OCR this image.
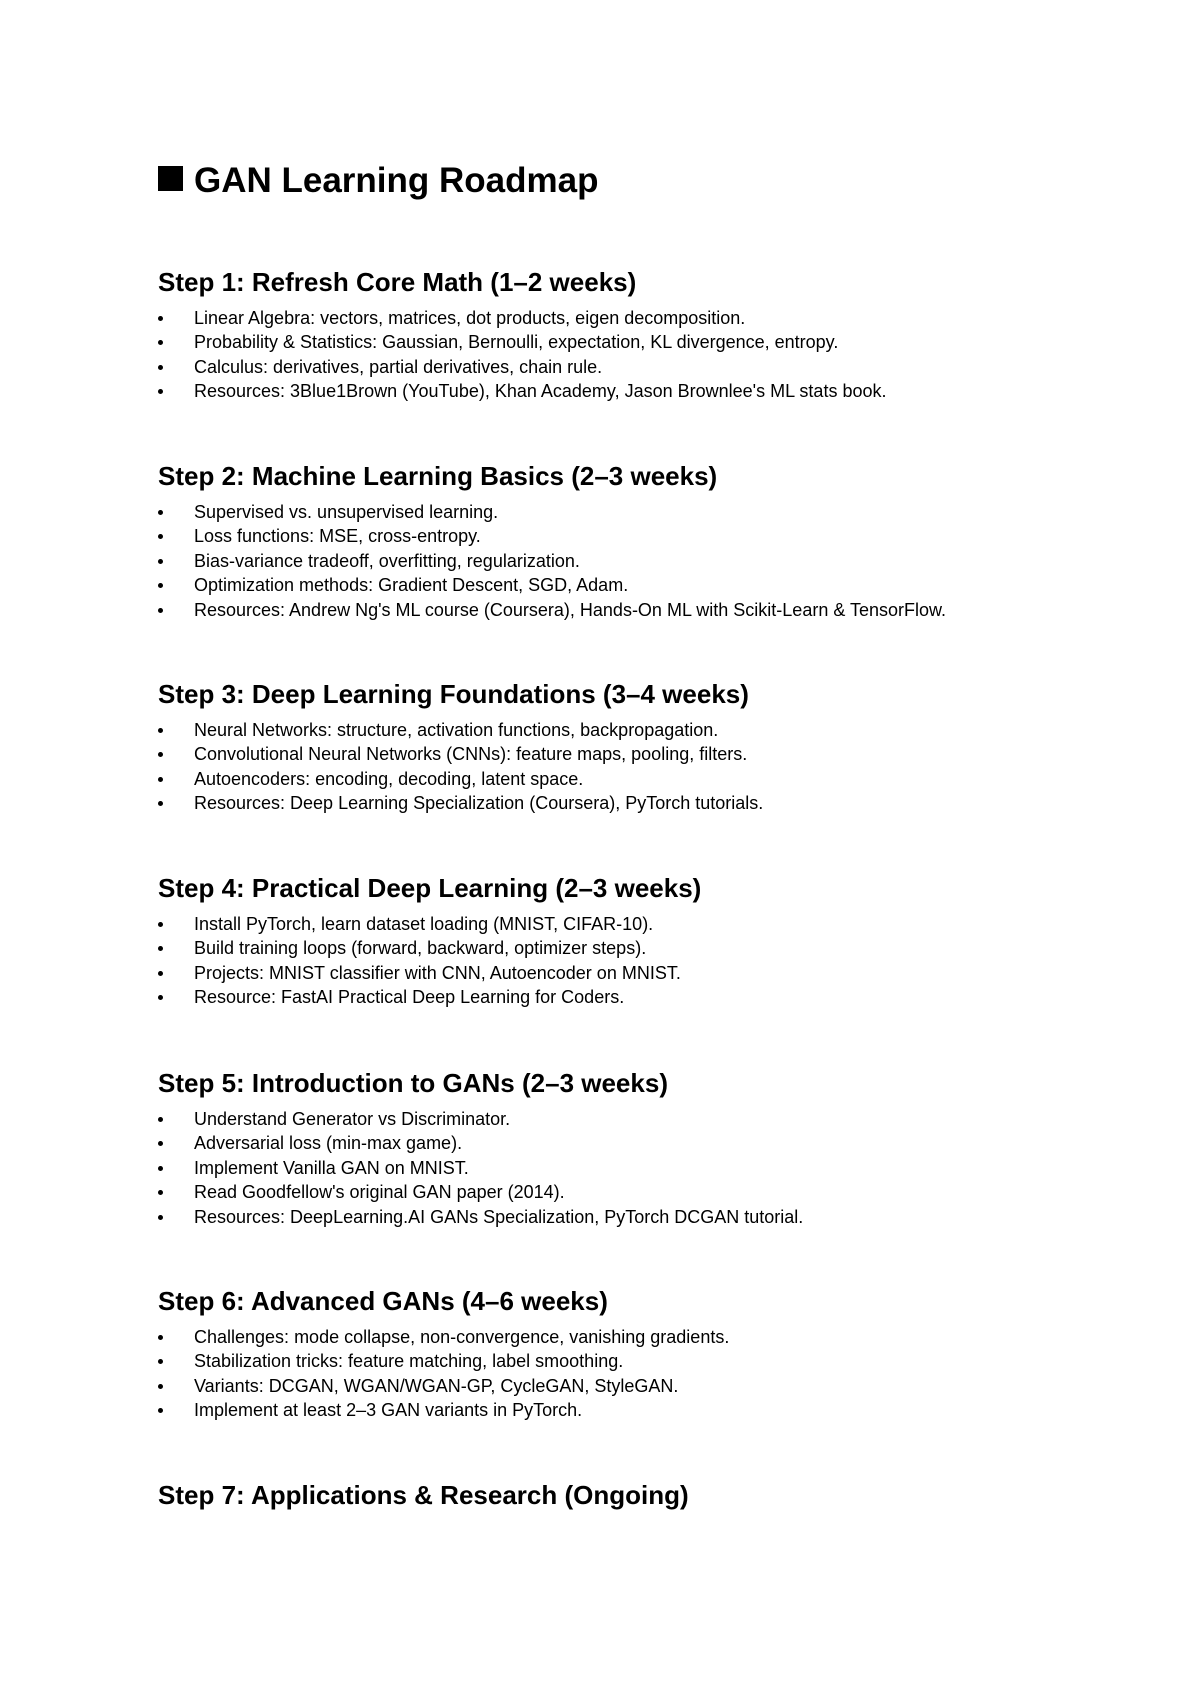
GAN Learning Roadmap
Step 1: Refresh Core Math (1–2 weeks)
Linear Algebra: vectors, matrices, dot products, eigen decomposition.
Probability & Statistics: Gaussian, Bernoulli, expectation, KL divergence, entropy.
Calculus: derivatives, partial derivatives, chain rule.
Resources: 3Blue1Brown (YouTube), Khan Academy, Jason Brownlee's ML stats book.
Step 2: Machine Learning Basics (2–3 weeks)
Supervised vs. unsupervised learning.
Loss functions: MSE, cross-entropy.
Bias-variance tradeoff, overfitting, regularization.
Optimization methods: Gradient Descent, SGD, Adam.
Resources: Andrew Ng's ML course (Coursera), Hands-On ML with Scikit-Learn & TensorFlow.
Step 3: Deep Learning Foundations (3–4 weeks)
Neural Networks: structure, activation functions, backpropagation.
Convolutional Neural Networks (CNNs): feature maps, pooling, filters.
Autoencoders: encoding, decoding, latent space.
Resources: Deep Learning Specialization (Coursera), PyTorch tutorials.
Step 4: Practical Deep Learning (2–3 weeks)
Install PyTorch, learn dataset loading (MNIST, CIFAR-10).
Build training loops (forward, backward, optimizer steps).
Projects: MNIST classifier with CNN, Autoencoder on MNIST.
Resource: FastAI Practical Deep Learning for Coders.
Step 5: Introduction to GANs (2–3 weeks)
Understand Generator vs Discriminator.
Adversarial loss (min-max game).
Implement Vanilla GAN on MNIST.
Read Goodfellow's original GAN paper (2014).
Resources: DeepLearning.AI GANs Specialization, PyTorch DCGAN tutorial.
Step 6: Advanced GANs (4–6 weeks)
Challenges: mode collapse, non-convergence, vanishing gradients.
Stabilization tricks: feature matching, label smoothing.
Variants: DCGAN, WGAN/WGAN-GP, CycleGAN, StyleGAN.
Implement at least 2–3 GAN variants in PyTorch.
Step 7: Applications & Research (Ongoing)
